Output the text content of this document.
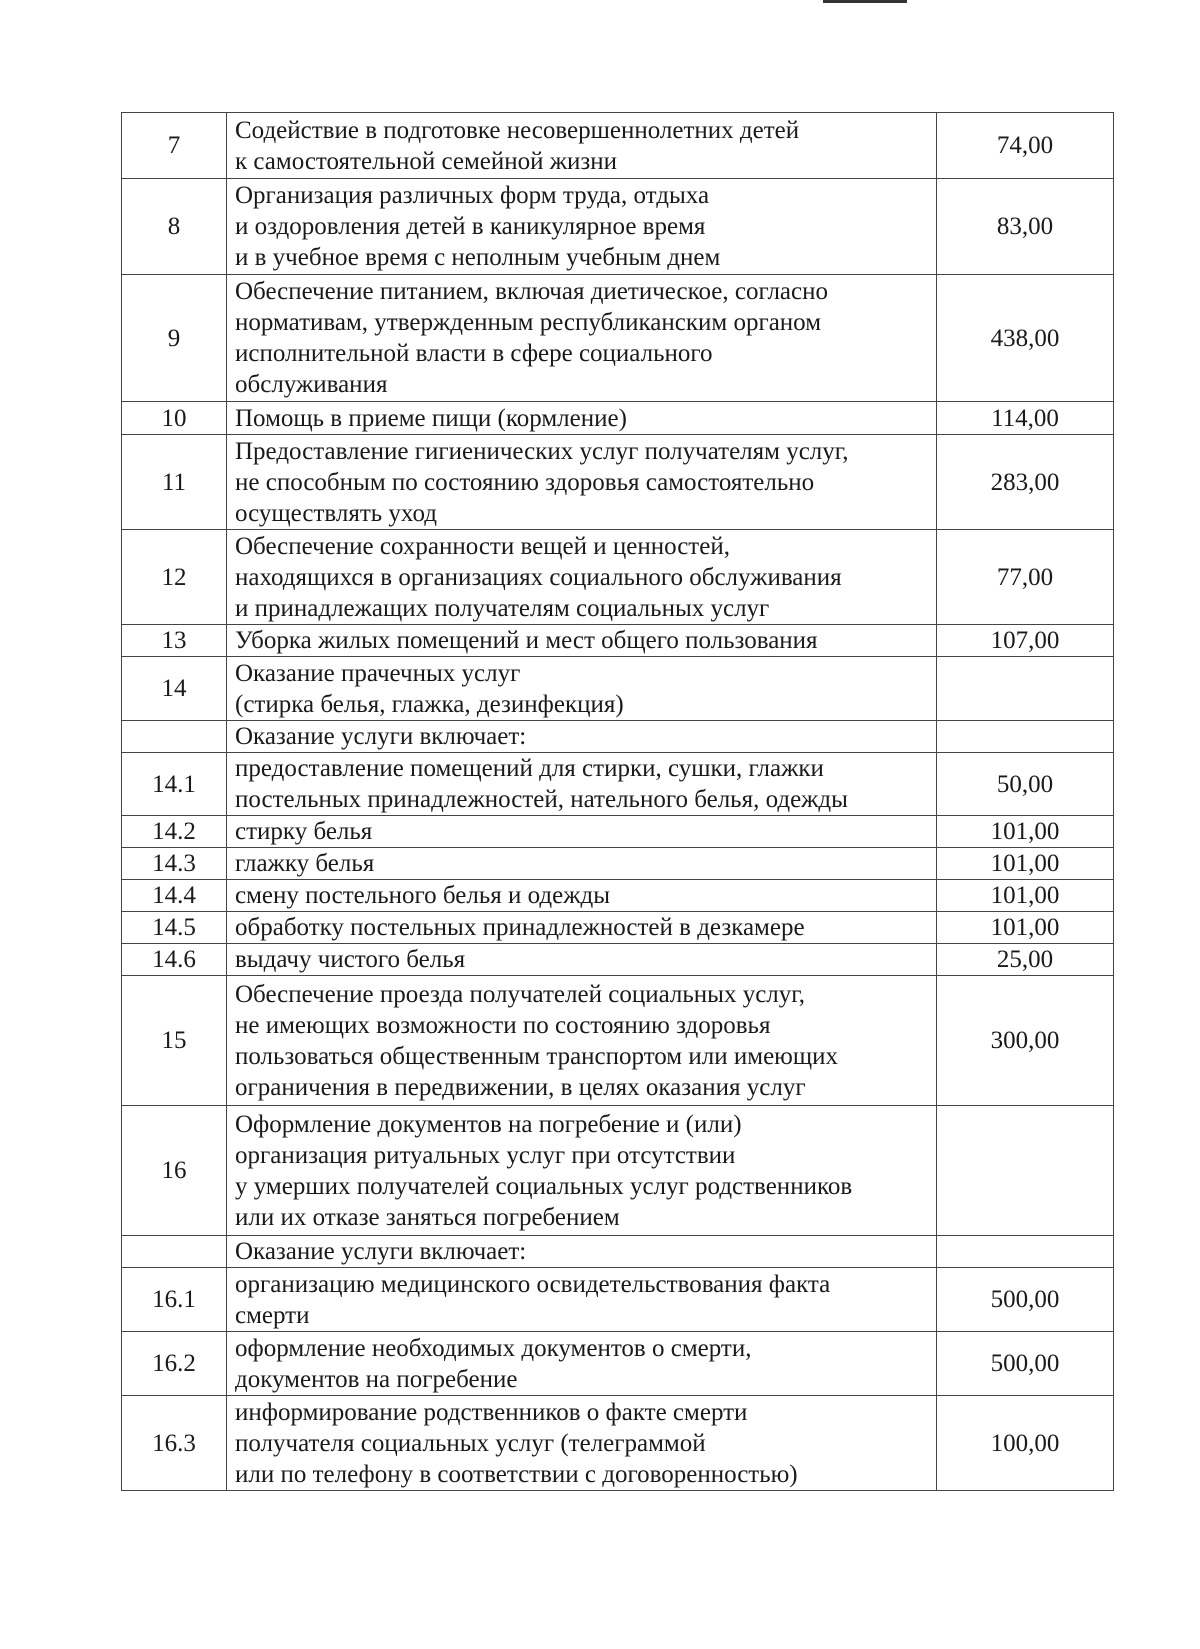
7	Содействие в подготовке несовершеннолетних детей
к самостоятельной семейной жизни	74,00
8	Организация различных форм труда, отдыха
и оздоровления детей в каникулярное время
и в учебное время с неполным учебным днем	83,00
9	Обеспечение питанием, включая диетическое, согласно
нормативам, утвержденным республиканским органом
исполнительной власти в сфере социального
обслуживания	438,00
10	Помощь в приеме пищи (кормление)	114,00
11	Предоставление гигиенических услуг получателям услуг,
не способным по состоянию здоровья самостоятельно
осуществлять уход	283,00
12	Обеспечение сохранности вещей и ценностей,
находящихся в организациях социального обслуживания
и принадлежащих получателям социальных услуг	77,00
13	Уборка жилых помещений и мест общего пользования	107,00
14	Оказание прачечных услуг
(стирка белья, глажка, дезинфекция)	
	Оказание услуги включает:	
14.1	предоставление помещений для стирки, сушки, глажки
постельных принадлежностей, нательного белья, одежды	50,00
14.2	стирку белья	101,00
14.3	глажку белья	101,00
14.4	смену постельного белья и одежды	101,00
14.5	обработку постельных принадлежностей в дезкамере	101,00
14.6	выдачу чистого белья	25,00
15	Обеспечение проезда получателей социальных услуг,
не имеющих возможности по состоянию здоровья
пользоваться общественным транспортом или имеющих
ограничения в передвижении, в целях оказания услуг	300,00
16	Оформление документов на погребение и (или)
организация ритуальных услуг при отсутствии
у умерших получателей социальных услуг родственников
или их отказе заняться погребением	
	Оказание услуги включает:	
16.1	организацию медицинского освидетельствования факта
смерти	500,00
16.2	оформление необходимых документов о смерти,
документов на погребение	500,00
16.3	информирование родственников о факте смерти
получателя социальных услуг (телеграммой
или по телефону в соответствии с договоренностью)	100,00
